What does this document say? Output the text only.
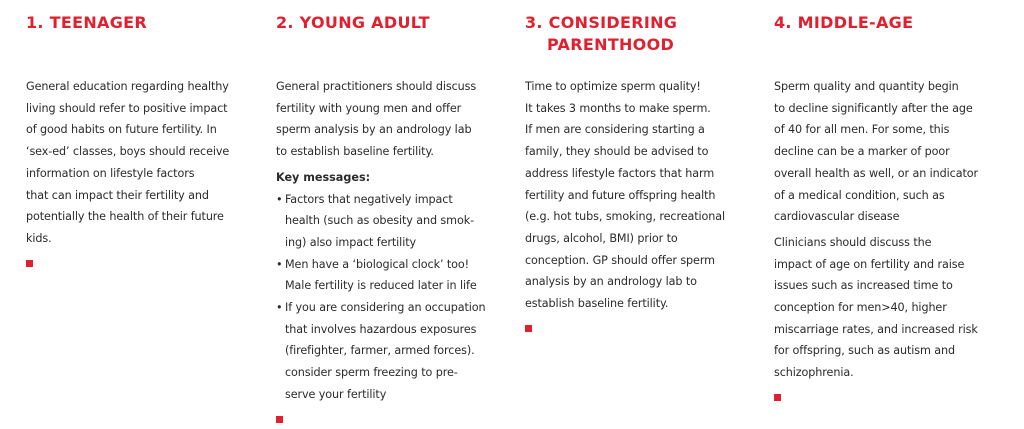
1. TEENAGER

General education regarding healthy
living should refer to positive impact
of good habits on future fertility. In
‘sex-ed’ classes, boys should receive
information on lifestyle factors
that can impact their fertility and
potentially the health of their future
kids.

2. YOUNG ADULT

General practitioners should discuss
fertility with young men and offer
sperm analysis by an andrology lab
to establish baseline fertility.

Key messages:

• Factors that negatively impact
health (such as obesity and smok-
ing) also impact fertility
• Men have a ‘biological clock’ too!
Male fertility is reduced later in life
• If you are considering an occupation
that involves hazardous exposures
(firefighter, farmer, armed forces).
consider sperm freezing to pre-
serve your fertility
3. CONSIDERING
PARENTHOOD

Time to optimize sperm quality!
It takes 3 months to make sperm.
If men are considering starting a
family, they should be advised to
address lifestyle factors that harm
fertility and future offspring health
(e.g. hot tubs, smoking, recreational
drugs, alcohol, BMI) prior to
conception. GP should offer sperm
analysis by an andrology lab to
establish baseline fertility.

4. MIDDLE-AGE

Sperm quality and quantity begin
to decline significantly after the age
of 40 for all men. For some, this
decline can be a marker of poor
overall health as well, or an indicator
of a medical condition, such as
cardiovascular disease

Clinicians should discuss the
impact of age on fertility and raise
issues such as increased time to
conception for men>40, higher
miscarriage rates, and increased risk
for offspring, such as autism and
schizophrenia.
